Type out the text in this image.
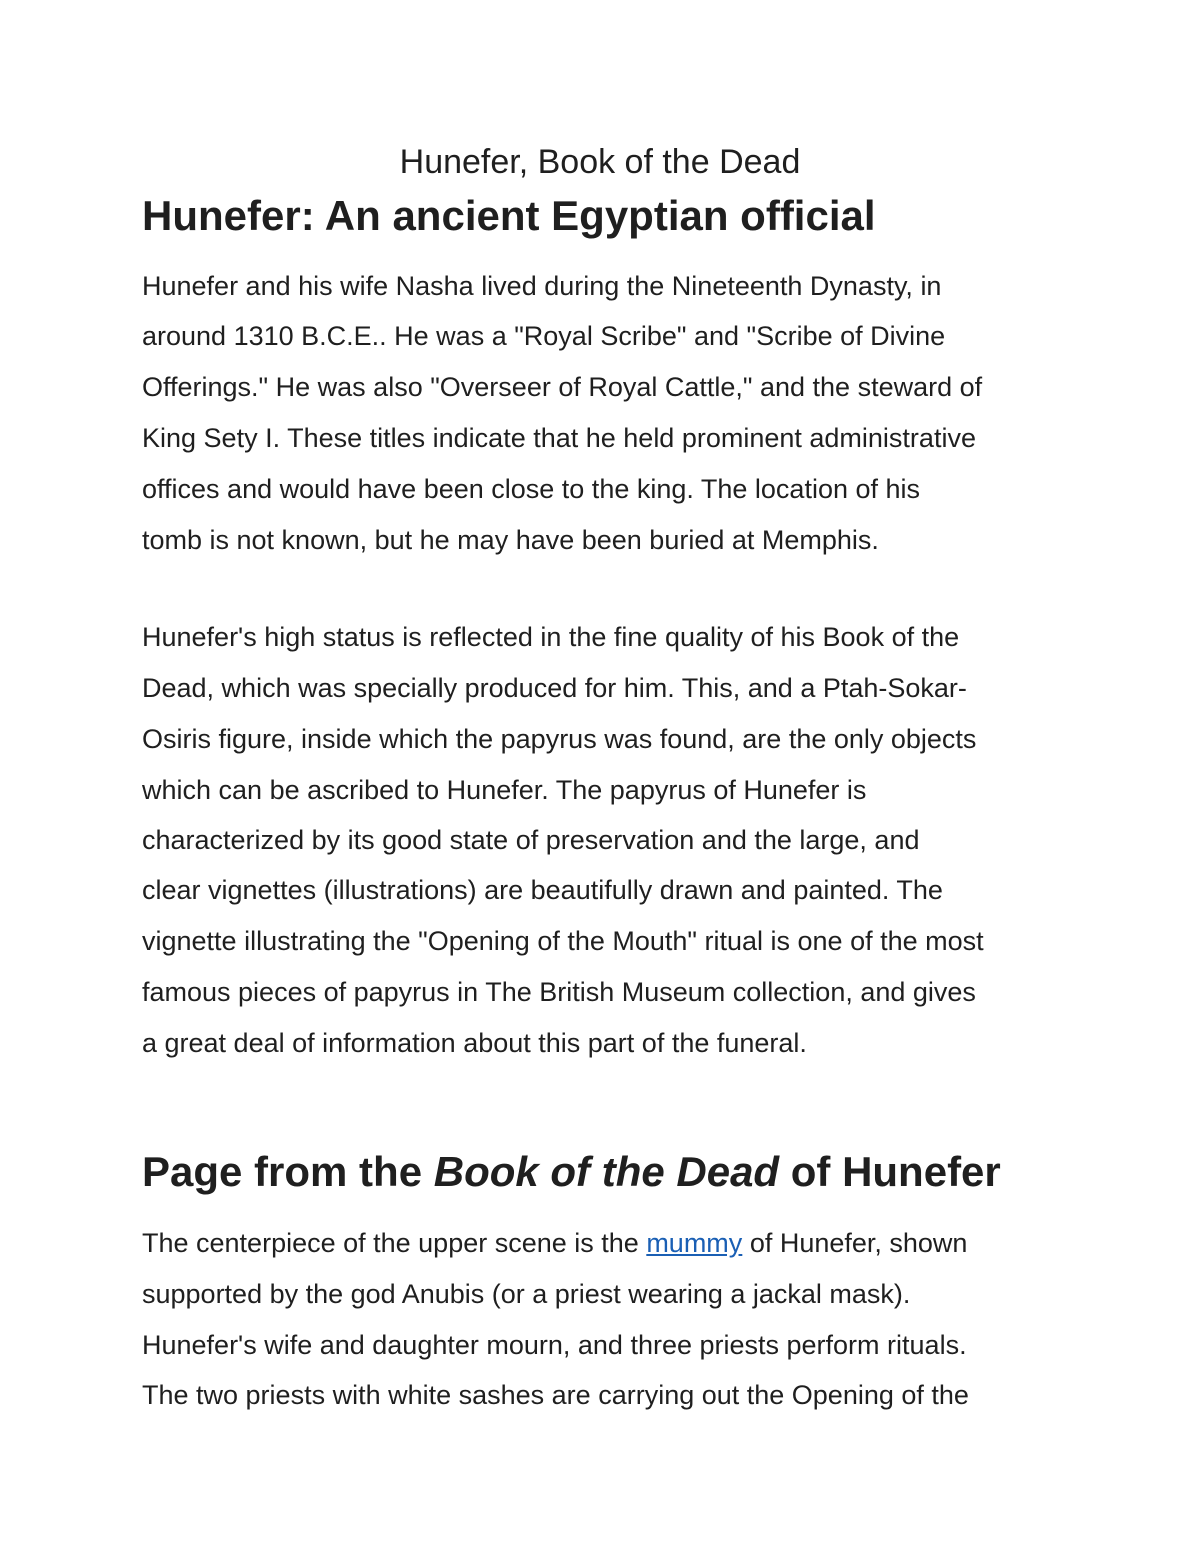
Hunefer, Book of the Dead
Hunefer: An ancient Egyptian official

Hunefer and his wife Nasha lived during the Nineteenth Dynasty, in

around 1310 B.C.E.. He was a "Royal Scribe" and "Scribe of Divine

Offerings." He was also "Overseer of Royal Cattle," and the steward of

King Sety I. These titles indicate that he held prominent administrative

offices and would have been close to the king. The location of his

tomb is not known, but he may have been buried at Memphis.

Hunefer's high status is reflected in the fine quality of his Book of the

Dead, which was specially produced for him. This, and a Ptah-Sokar-

Osiris figure, inside which the papyrus was found, are the only objects

which can be ascribed to Hunefer. The papyrus of Hunefer is

characterized by its good state of preservation and the large, and

clear vignettes (illustrations) are beautifully drawn and painted. The

vignette illustrating the "Opening of the Mouth" ritual is one of the most

famous pieces of papyrus in The British Museum collection, and gives

a great deal of information about this part of the funeral.

Page from the Book of the Dead of Hunefer

The centerpiece of the upper scene is the mummy of Hunefer, shown

supported by the god Anubis (or a priest wearing a jackal mask).

Hunefer's wife and daughter mourn, and three priests perform rituals.

The two priests with white sashes are carrying out the Opening of the
